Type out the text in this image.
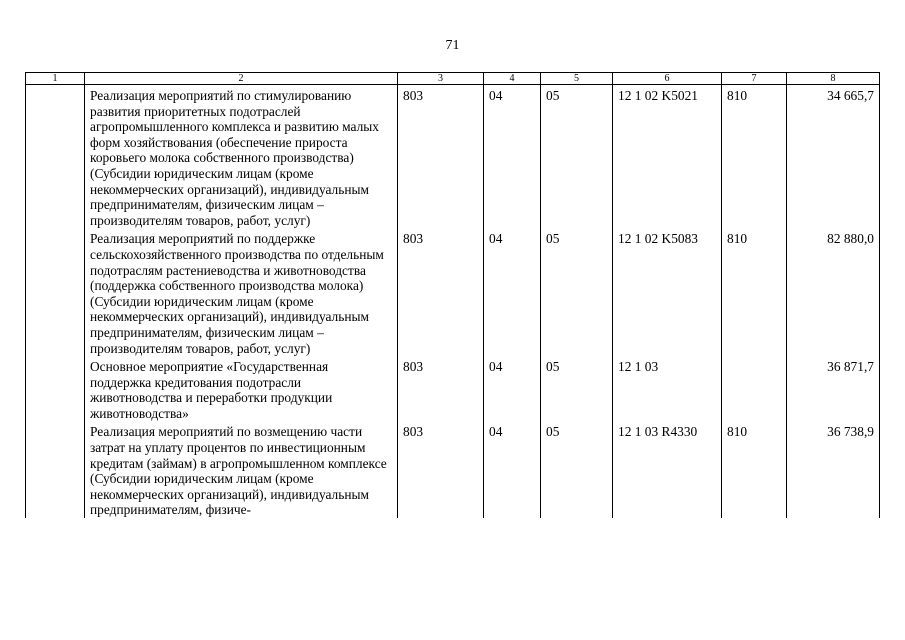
71
1	2	3	4	5	6	7	8
	Реализация мероприятий по стимулированию развития приоритетных подотраслей агропромышленного комплекса и развитию малых форм хозяйствования (обеспечение прироста коровьего молока собственного производства) (Субсидии юридическим лицам (кроме некоммерческих организаций), индивидуальным предпринимателям, физическим лицам – производителям товаров, работ, услуг)	803	04	05	12 1 02 K5021	810	34 665,7
	Реализация мероприятий по поддержке сельскохозяйственного производства по отдельным подотраслям растениеводства и животноводства (поддержка собственного производства молока) (Субсидии юридическим лицам (кроме некоммерческих организаций), индивидуальным предпринимателям, физическим лицам – производителям товаров, работ, услуг)	803	04	05	12 1 02 K5083	810	82 880,0
	Основное мероприятие «Государственная поддержка кредитования подотрасли животноводства и переработки продукции животноводства»	803	04	05	12 1 03		36 871,7
	Реализация мероприятий по возмещению части затрат на уплату процентов по инвестиционным кредитам (займам) в агропромышленном комплексе (Субсидии юридическим лицам (кроме некоммерческих организаций), индивидуальным предпринимателям, физиче-	803	04	05	12 1 03 R4330	810	36 738,9
